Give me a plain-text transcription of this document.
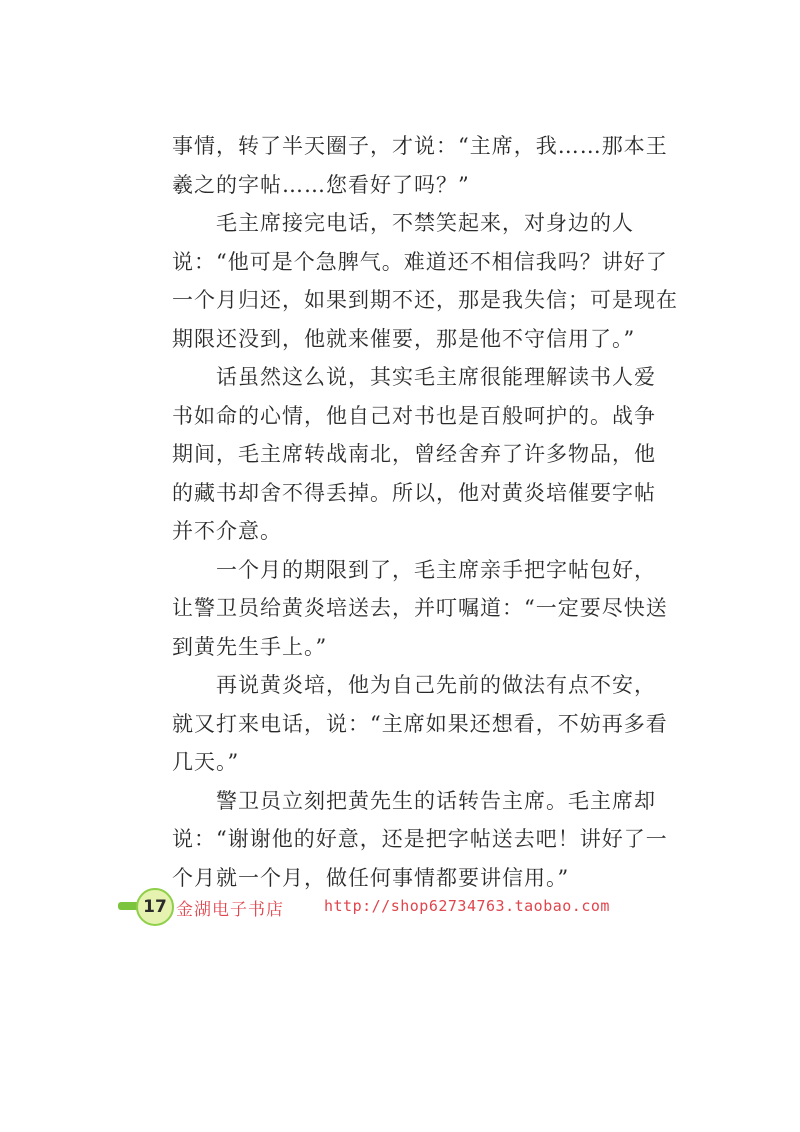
事情，转了半天圈子，才说：“主席，我……那本王
羲之的字帖……您看好了吗？”
　　毛主席接完电话，不禁笑起来，对身边的人
说：“他可是个急脾气。难道还不相信我吗？讲好了
一个月归还，如果到期不还，那是我失信；可是现在
期限还没到，他就来催要，那是他不守信用了。”
　　话虽然这么说，其实毛主席很能理解读书人爱
书如命的心情，他自己对书也是百般呵护的。战争
期间，毛主席转战南北，曾经舍弃了许多物品，他
的藏书却舍不得丢掉。所以，他对黄炎培催要字帖
并不介意。
　　一个月的期限到了，毛主席亲手把字帖包好，
让警卫员给黄炎培送去，并叮嘱道：“一定要尽快送
到黄先生手上。”
　　再说黄炎培，他为自己先前的做法有点不安，
就又打来电话，说：“主席如果还想看，不妨再多看
几天。”
　　警卫员立刻把黄先生的话转告主席。毛主席却
说：“谢谢他的好意，还是把字帖送去吧！讲好了一
个月就一个月，做任何事情都要讲信用。”
17 金湖电子书店	http://shop62734763.taobao.com
